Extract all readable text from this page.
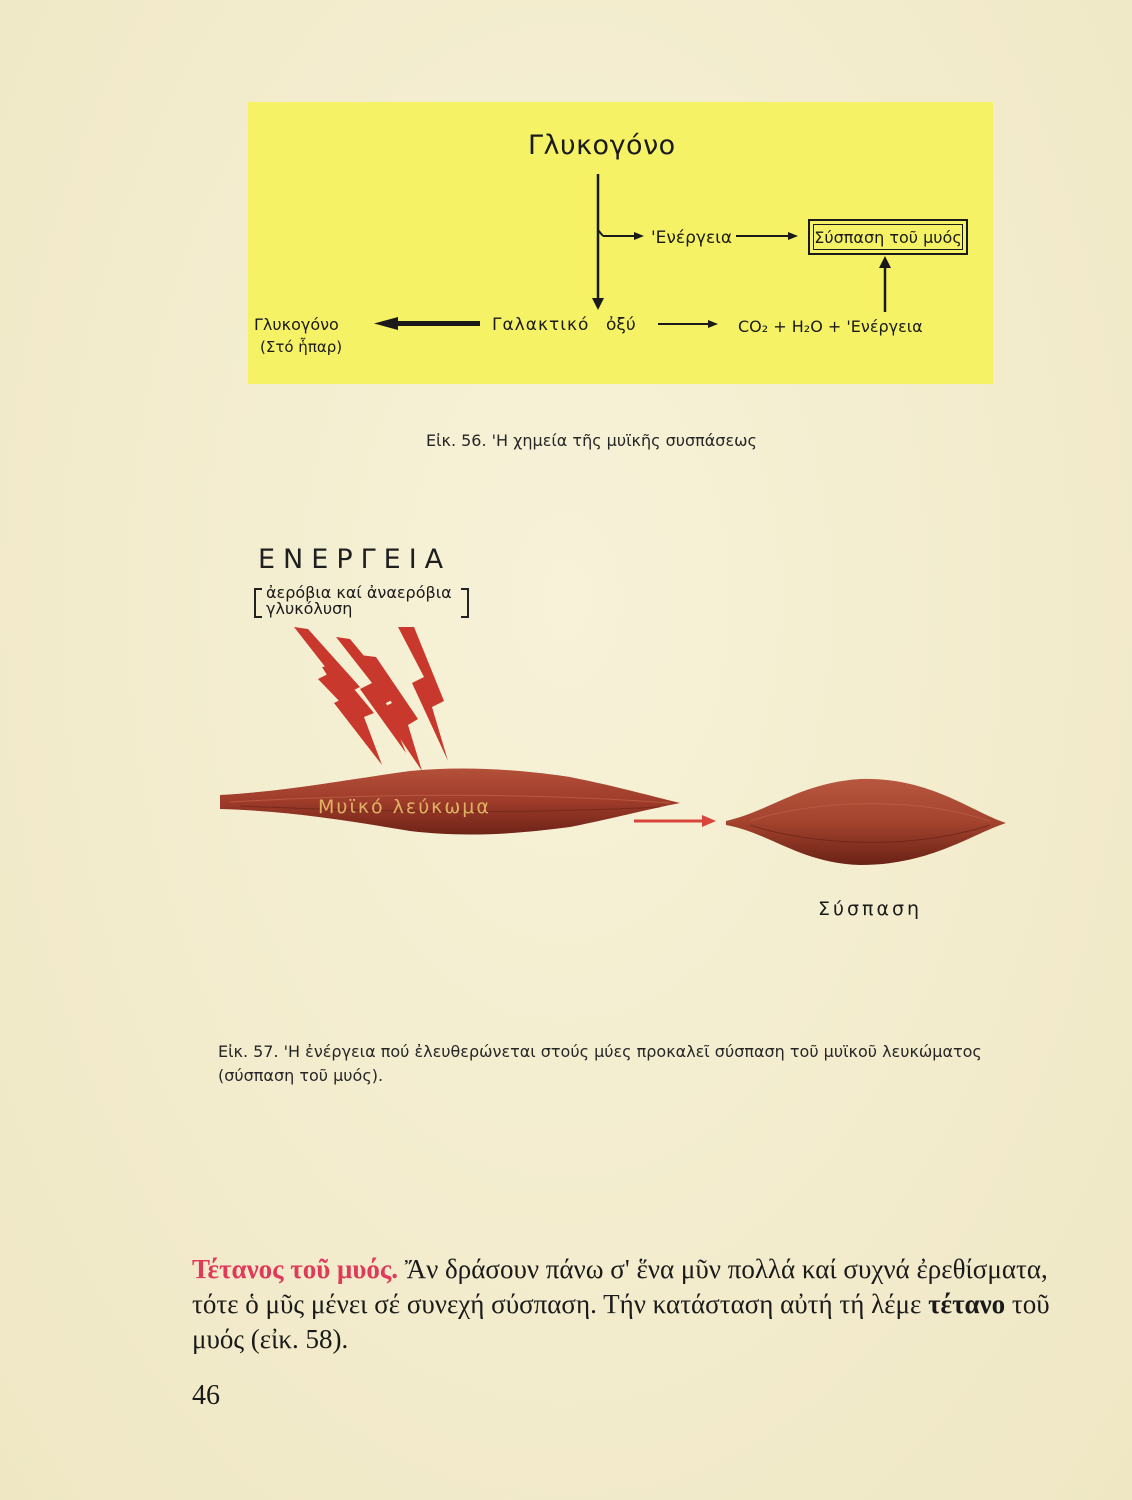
Γλυκογόνο
'Ενέργεια	Σύσπαση τοῦ μυός
Γλυκογόνο
(Στό ἧπαρ)
Γαλακτικό ὀξύ	CO₂ + H₂O + 'Ενέργεια
Εἰκ. 56. 'Η χημεία τῆς μυϊκῆς συσπάσεως
ΕΝΕΡΓΕΙΑ
ἀερόβια καί ἀναερόβια
γλυκόλυση
Μυϊκό λεύκωμα
Σύσπαση
Εἰκ. 57. 'Η ἐνέργεια πού ἐλευθερώνεται στούς μύες προκαλεῖ σύσπαση τοῦ μυϊκοῦ λευκώματος (σύσπαση τοῦ μυός).
Τέτανος τοῦ μυός. Ἄν δράσουν πάνω σ' ἕνα μῦν πολλά καί συχνά ἐρεθίσματα, τότε ὁ μῦς μένει σέ συνεχή σύσπαση. Τήν κατάσταση αὐτή τή λέμε τέτανο τοῦ μυός (εἰκ. 58).
46
